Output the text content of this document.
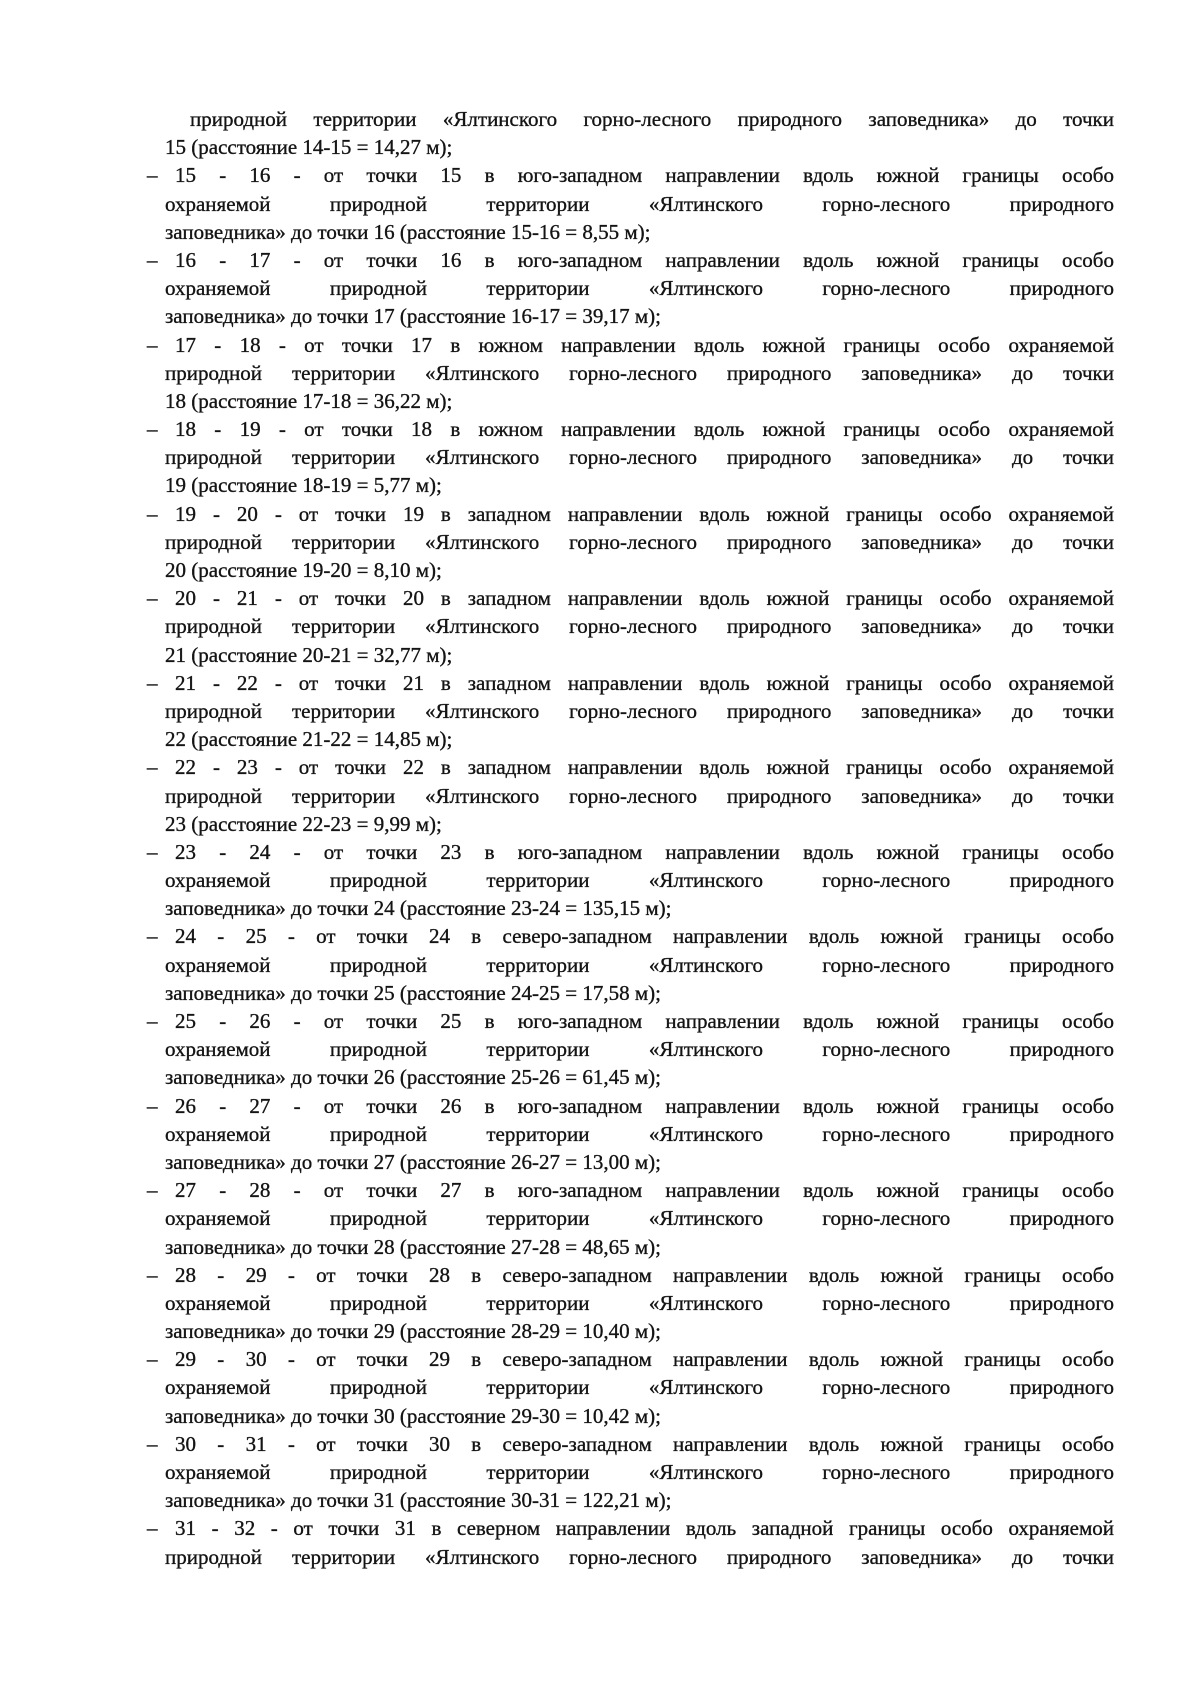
природной территории «Ялтинского горно-лесного природного заповедника» до точки
15 (расстояние 14-15 = 14,27 м);
– 15 - 16 - от точки 15 в юго-западном направлении вдоль южной границы особо
охраняемой природной территории «Ялтинского горно-лесного природного
заповедника» до точки 16 (расстояние 15-16 = 8,55 м);
– 16 - 17 - от точки 16 в юго-западном направлении вдоль южной границы особо
охраняемой природной территории «Ялтинского горно-лесного природного
заповедника» до точки 17 (расстояние 16-17 = 39,17 м);
– 17 - 18 - от точки 17 в южном направлении вдоль южной границы особо охраняемой
природной территории «Ялтинского горно-лесного природного заповедника» до точки
18 (расстояние 17-18 = 36,22 м);
– 18 - 19 - от точки 18 в южном направлении вдоль южной границы особо охраняемой
природной территории «Ялтинского горно-лесного природного заповедника» до точки
19 (расстояние 18-19 = 5,77 м);
– 19 - 20 - от точки 19 в западном направлении вдоль южной границы особо охраняемой
природной территории «Ялтинского горно-лесного природного заповедника» до точки
20 (расстояние 19-20 = 8,10 м);
– 20 - 21 - от точки 20 в западном направлении вдоль южной границы особо охраняемой
природной территории «Ялтинского горно-лесного природного заповедника» до точки
21 (расстояние 20-21 = 32,77 м);
– 21 - 22 - от точки 21 в западном направлении вдоль южной границы особо охраняемой
природной территории «Ялтинского горно-лесного природного заповедника» до точки
22 (расстояние 21-22 = 14,85 м);
– 22 - 23 - от точки 22 в западном направлении вдоль южной границы особо охраняемой
природной территории «Ялтинского горно-лесного природного заповедника» до точки
23 (расстояние 22-23 = 9,99 м);
– 23 - 24 - от точки 23 в юго-западном направлении вдоль южной границы особо
охраняемой природной территории «Ялтинского горно-лесного природного
заповедника» до точки 24 (расстояние 23-24 = 135,15 м);
– 24 - 25 - от точки 24 в северо-западном направлении вдоль южной границы особо
охраняемой природной территории «Ялтинского горно-лесного природного
заповедника» до точки 25 (расстояние 24-25 = 17,58 м);
– 25 - 26 - от точки 25 в юго-западном направлении вдоль южной границы особо
охраняемой природной территории «Ялтинского горно-лесного природного
заповедника» до точки 26 (расстояние 25-26 = 61,45 м);
– 26 - 27 - от точки 26 в юго-западном направлении вдоль южной границы особо
охраняемой природной территории «Ялтинского горно-лесного природного
заповедника» до точки 27 (расстояние 26-27 = 13,00 м);
– 27 - 28 - от точки 27 в юго-западном направлении вдоль южной границы особо
охраняемой природной территории «Ялтинского горно-лесного природного
заповедника» до точки 28 (расстояние 27-28 = 48,65 м);
– 28 - 29 - от точки 28 в северо-западном направлении вдоль южной границы особо
охраняемой природной территории «Ялтинского горно-лесного природного
заповедника» до точки 29 (расстояние 28-29 = 10,40 м);
– 29 - 30 - от точки 29 в северо-западном направлении вдоль южной границы особо
охраняемой природной территории «Ялтинского горно-лесного природного
заповедника» до точки 30 (расстояние 29-30 = 10,42 м);
– 30 - 31 - от точки 30 в северо-западном направлении вдоль южной границы особо
охраняемой природной территории «Ялтинского горно-лесного природного
заповедника» до точки 31 (расстояние 30-31 = 122,21 м);
– 31 - 32 - от точки 31 в северном направлении вдоль западной границы особо охраняемой
природной территории «Ялтинского горно-лесного природного заповедника» до точки
